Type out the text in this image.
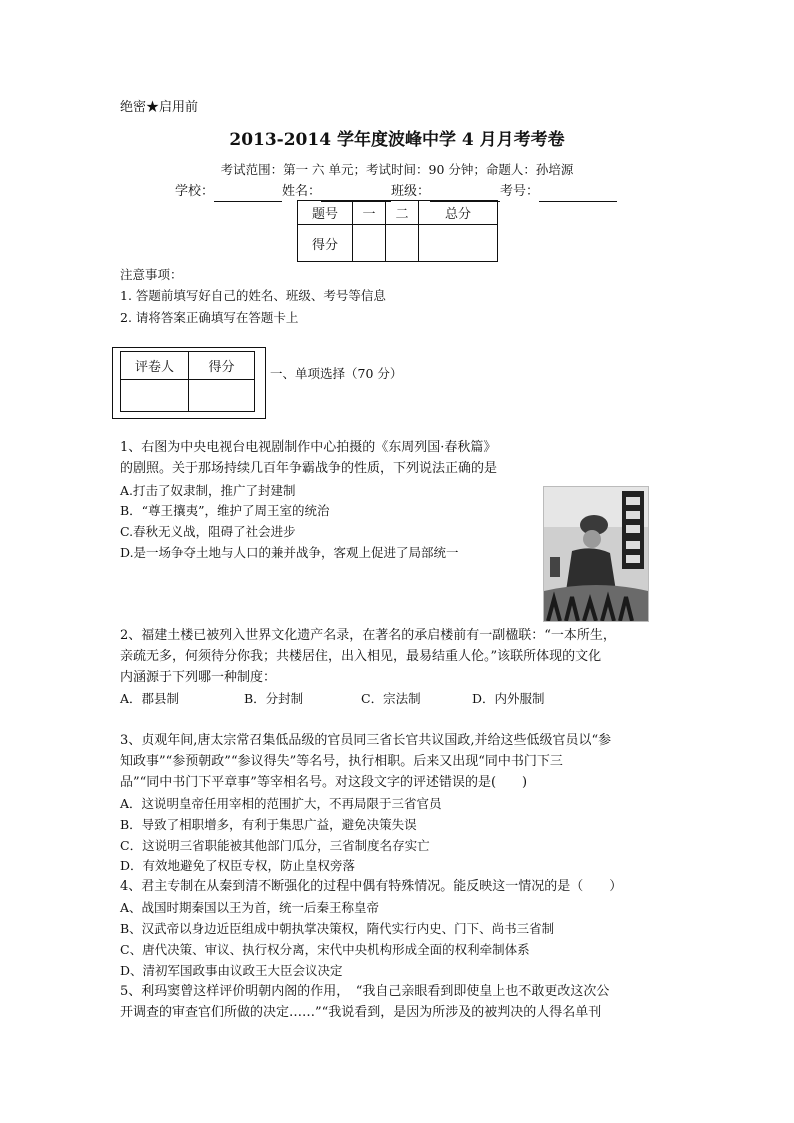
绝密★启用前
2013-2014 学年度波峰中学 4 月月考考卷
考试范围：第一 六 单元；考试时间：90 分钟；命题人：孙培源
学校：	姓名：	班级：	考号：
题号	一	二	总分
得分			
注意事项：
1. 答题前填写好自己的姓名、班级、考号等信息
2. 请将答案正确填写在答题卡上
评卷人	得分
		一、单项选择（70 分）
1、右图为中央电视台电视剧制作中心拍摄的《东周列国·春秋篇》
的剧照。关于那场持续几百年争霸战争的性质，下列说法正确的是
A.打击了奴隶制，推广了封建制
B．“尊王攘夷”，维护了周王室的统治
C.春秋无义战，阻碍了社会进步
D.是一场争夺土地与人口的兼并战争，客观上促进了局部统一
2、福建土楼已被列入世界文化遗产名录，在著名的承启楼前有一副楹联：“一本所生，
亲疏无多，何须待分你我；共楼居住，出入相见，最易结重人伦。”该联所体现的文化
内涵源于下列哪一种制度：
A．郡县制	B．分封制	C．宗法制	D．内外服制
3、贞观年间,唐太宗常召集低品级的官员同三省长官共议国政,并给这些低级官员以“参
知政事”“参预朝政”“参议得失”等名号，执行相职。后来又出现“同中书门下三
品”“同中书门下平章事”等宰相名号。对这段文字的评述错误的是(　　)
A．这说明皇帝任用宰相的范围扩大，不再局限于三省官员
B．导致了相职增多，有利于集思广益，避免决策失误
C．这说明三省职能被其他部门瓜分，三省制度名存实亡
D．有效地避免了权臣专权，防止皇权旁落
4、君主专制在从秦到清不断强化的过程中偶有特殊情况。能反映这一情况的是（　　）
A、战国时期秦国以王为首，统一后秦王称皇帝
B、汉武帝以身边近臣组成中朝执掌决策权，隋代实行内史、门下、尚书三省制
C、唐代决策、审议、执行权分离，宋代中央机构形成全面的权利牵制体系
D、清初军国政事由议政王大臣会议决定
5、利玛窦曾这样评价明朝内阁的作用，　“我自己亲眼看到即使皇上也不敢更改这次公
开调查的审查官们所做的决定……”“我说看到，是因为所涉及的被判决的人得名单刊
